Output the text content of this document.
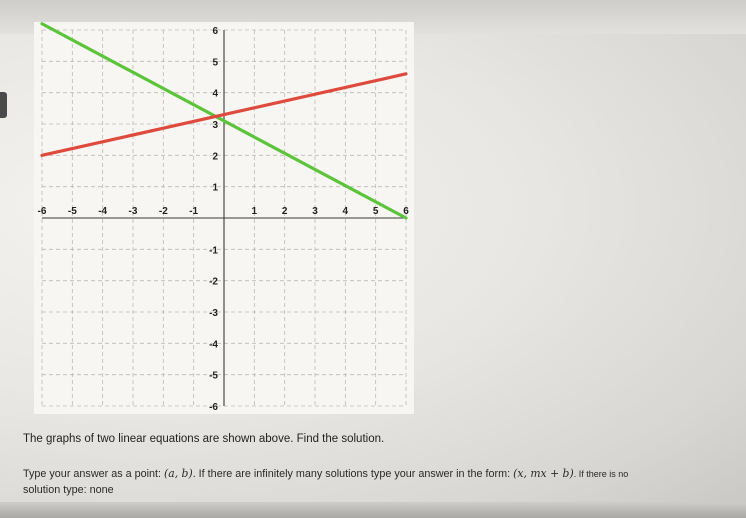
-6 -5 -4 -3 -2 -1	1 2 3 4 5 6
6
5
4
3
2
1
-1
-2
-3
-4
-5
-6
The graphs of two linear equations are shown above. Find the solution.
Type your answer as a point: (a, b). If there are infinitely many solutions type your answer in the form: (x, mx + b). If there is no
solution type: none
